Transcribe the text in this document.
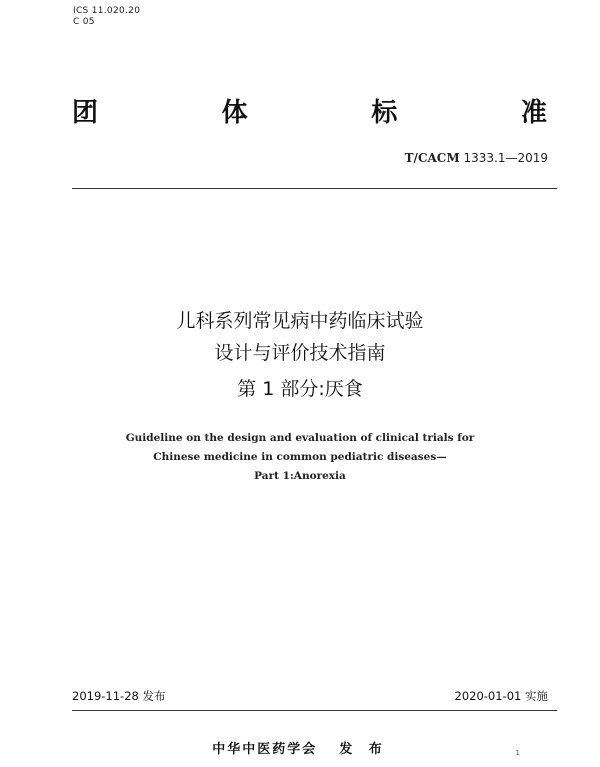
ICS 11.020.20
C 05
团	体	标	准
T/CACM 1333.1—2019
儿科系列常见病中药临床试验
设计与评价技术指南
第 1 部分:厌食
Guideline on the design and evaluation of clinical trials for
Chinese medicine in common pediatric diseases—
Part 1:Anorexia
2019-11-28 发布	2020-01-01 实施
中华中医药学会 发 布	1
